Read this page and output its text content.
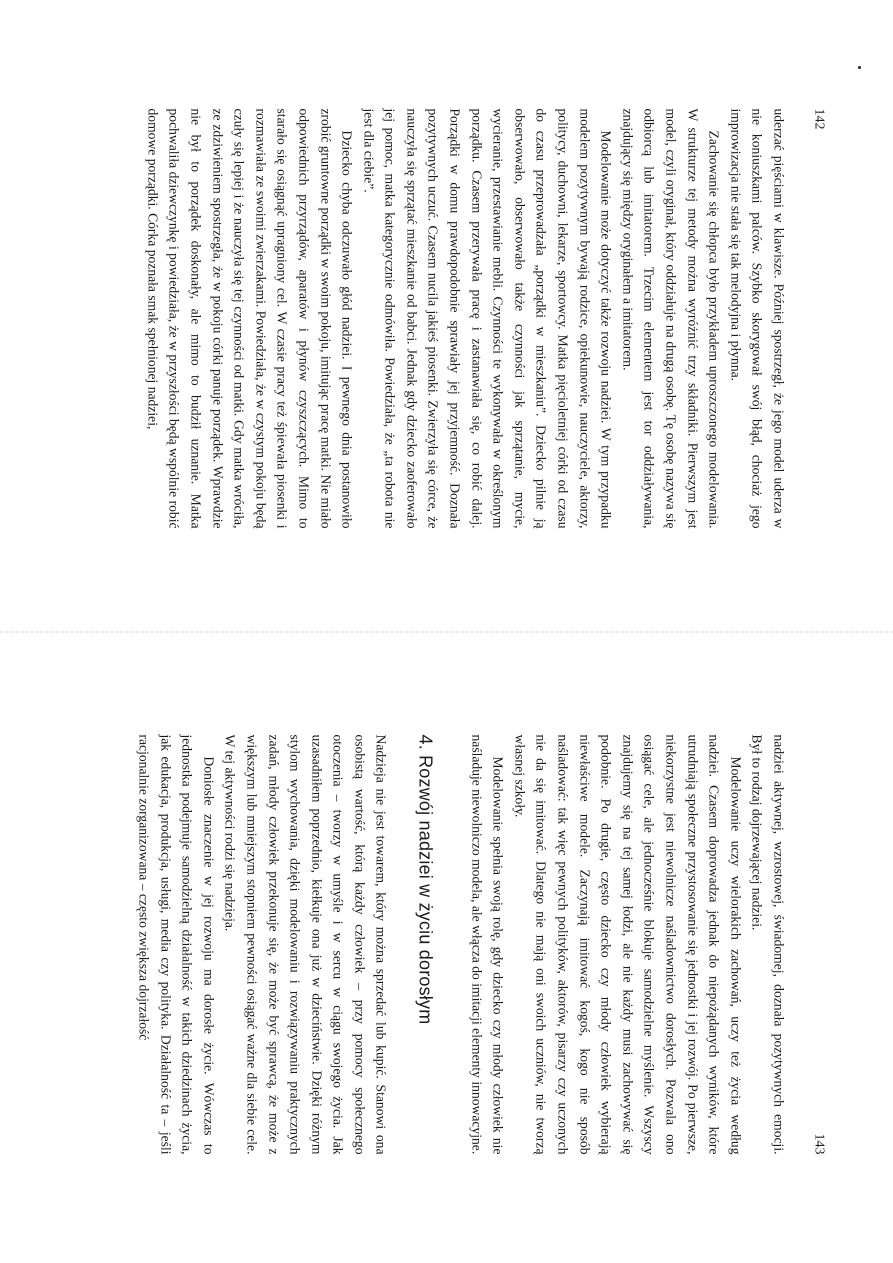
142

uderzać pięściami w klawisze. Później spostrzegł, że jego model uderza w nie koniuszkami palców. Szybko skorygował swój błąd, chociaż jego improwizacja nie stała się tak melodyjna i płynna.

Zachowanie się chłopca było przykładem uproszczonego modelowania. W strukturze tej metody można wyróżnić trzy składniki. Pierwszym jest model, czyli oryginał, który oddziałuje na drugą osobę. Tę osobę nazywa się odbiorcą lub imitatorem. Trzecim elementem jest tor oddziaływania, znajdujący się między oryginałem a imitatorem.

Modelowanie może dotyczyć także rozwoju nadziei. W tym przypadku modelem pozytywnym bywają rodzice, opiekunowie, nauczyciele, aktorzy, politycy, duchowni, lekarze, sportowcy. Matka pięcioletniej córki od czasu do czasu przeprowadzała „porządki w mieszkaniu”. Dziecko pilnie ją obserwowało, obserwowało także czynności jak sprzątanie, mycie, wycieranie, przestawianie mebli. Czynności te wykonywała w określonym porządku. Czasem przerywała pracę i zastanawiała się, co robić dalej. Porządki w domu prawdopodobnie sprawiały jej przyjemność. Doznała pozytywnych uczuć. Czasem nucila jakieś piosenki. Zwierzyła się córce, że nauczyła się sprzątać mieszkanie od babci. Jednak gdy dziecko zaoferowało jej pomoc, matka kategorycznie odmówiła. Powiedziała, że „ta robota nie jest dla ciebie”.

Dziecko chyba odczuwało głód nadziei. I pewnego dnia postanowiło zrobić gruntowne porządki w swoim pokoju, imitując pracę matki. Nie miało odpowiednich przyrządów, aparatów i płynów czyszczących. Mimo to starało się osiągnąć upragniony cel. W czasie pracy też śpiewała piosenki i rozmawiała ze swoimi zwierzakami. Powiedziała, że w czystym pokoju będą czuły się lepiej i że nauczyła się tej czynności od matki. Gdy matka wróciła, ze zdziwieniem spostrzegła, że w pokoju córki panuje porządek. Wprawdzie nie był to porządek doskonały, ale mimo to budził uznanie. Matka pochwaliła dziewczynkę i powiedziała, że w przyszłości będą wspólnie robić domowe porządki. Córka poznała smak spełnionej nadziei,

143

nadziei aktywnej, wzrostowej, świadomej, doznała pozytywnych emocji. Był to rodzaj dojrzewającej nadziei.

Modelowanie uczy wielorakich zachowań, uczy też życia według nadziei. Czasem doprowadza jednak do niepożądanych wyników, które utrudniają społeczne przystosowanie się jednostki i jej rozwój. Po pierwsze, niekorzystne jest niewolnicze naśladownictwo dorosłych. Pozwala ono osiągać cele, ale jednocześnie blokuje samodzielne myślenie. Wszyscy znajdujemy się na tej samej łodzi, ale nie każdy musi zachowywać się podobnie. Po drugie, często dziecko czy młody człowiek wybierają niewłaściwe modele. Zaczynają imitować kogoś, kogo nie sposób naśladować: tak więc pewnych polityków, aktorów, pisarzy czy uczonych nie da się imitować. Dlatego nie mają oni swoich uczniów, nie tworzą własnej szkoły.

Modelowanie spełnia swoją rolę, gdy dziecko czy młody człowiek nie naśladuje niewolniczo modela, ale włącza do imitacji elementy innowacyjne.

4. Rozwój nadziei w życiu dorosłym

Nadzieja nie jest towarem, który można sprzedać lub kupić. Stanowi ona osobistą wartość, którą każdy człowiek – przy pomocy społecznego otoczenia – tworzy w umyśle i w sercu w ciągu swojego życia. Jak uzasadniłem poprzednio, kiełkuje ona już w dzieciństwie. Dzięki różnym stylom wychowania, dzięki modelowaniu i rozwiązywaniu praktycznych zadań, młody człowiek przekonuje się, że może być sprawcą, że może z większym lub mniejszym stopniem pewności osiągać ważne dla siebie cele. W tej aktywności rodzi się nadzieja.

Doniosłe znaczenie w jej rozwoju ma dorosłe życie. Wówczas to jednostka podejmuje samodzielną działalność w takich dziedzinach życia, jak edukacja, produkcja, usługi, media czy polityka. Działalność ta – jeśli racjonalnie zorganizowana – często zwiększa dojrzałość
